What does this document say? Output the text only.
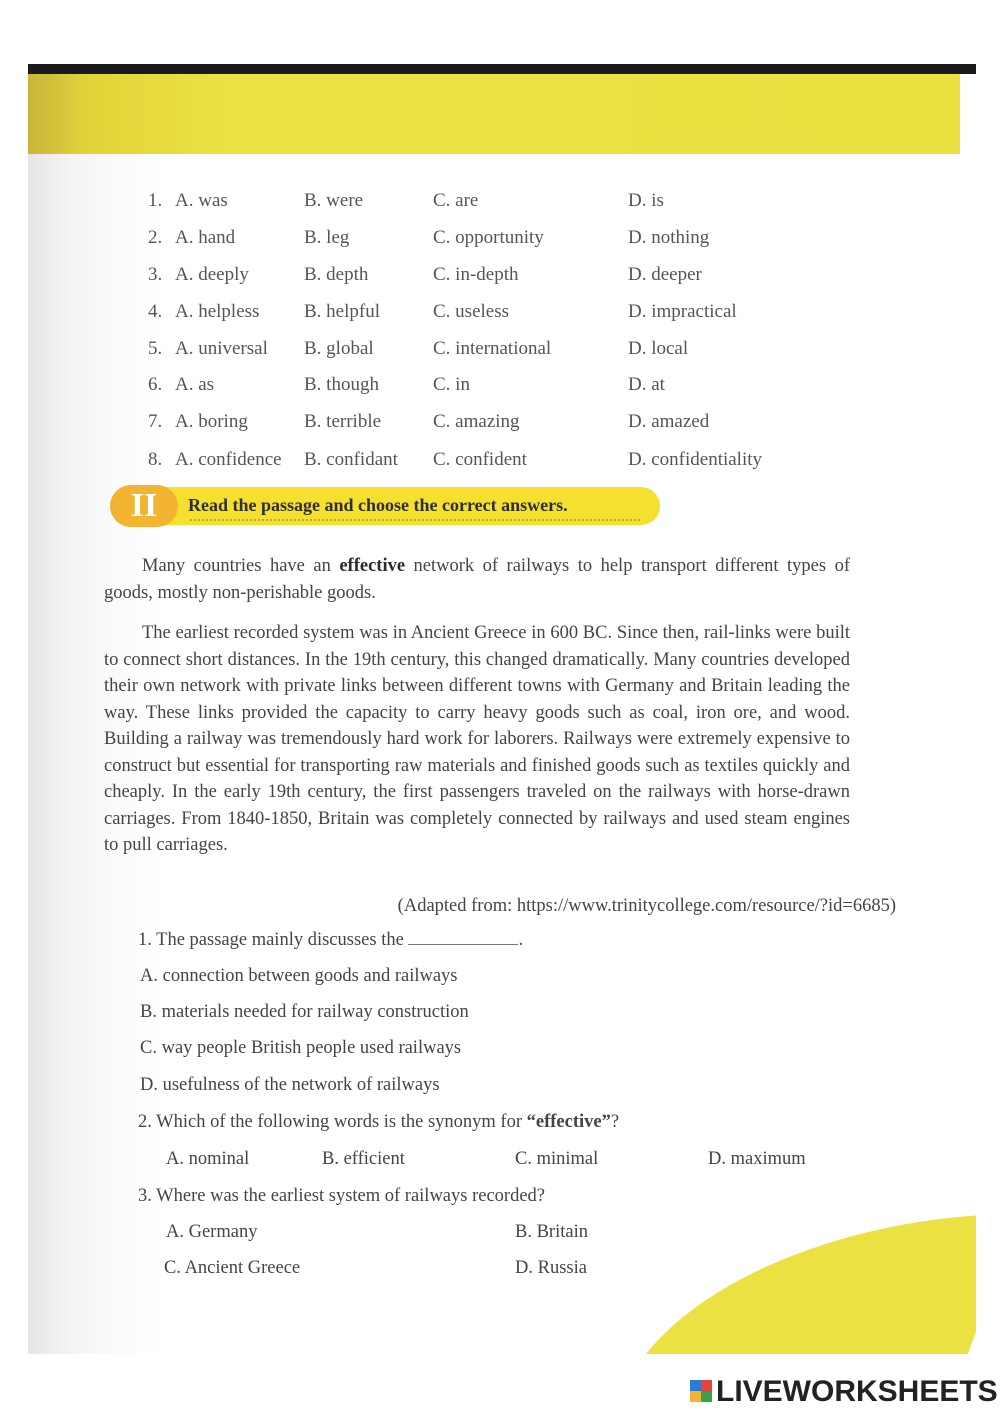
1. A. was	B. were	C. are	D. is
2. A. hand	B. leg	C. opportunity	D. nothing
3. A. deeply	B. depth	C. in-depth	D. deeper
4. A. helpless B. helpful	C. useless	D. impractical
5. A. universal B. global	C. international	D. local
6. A. as	B. though	C. in	D. at
7. A. boring	B. terrible	C. amazing	D. amazed
8. A. confidence B. confidant C. confident	D. confidentiality
II	Read the passage and choose the correct answers.
Many countries have an effective network of railways to help transport different types of goods, mostly non-perishable goods.
The earliest recorded system was in Ancient Greece in 600 BC. Since then, rail-links were built to connect short distances. In the 19th century, this changed dramatically. Many countries developed their own network with private links between different towns with Germany and Britain leading the way. These links provided the capacity to carry heavy goods such as coal, iron ore, and wood. Building a railway was tremendously hard work for laborers. Railways were extremely expensive to construct but essential for transporting raw materials and finished goods such as textiles quickly and cheaply. In the early 19th century, the first passengers traveled on the railways with horse-drawn carriages. From 1840-1850, Britain was completely connected by railways and used steam engines to pull carriages.
(Adapted from: https://www.trinitycollege.com/resource/?id=6685)
1. The passage mainly discusses the	.
A. connection between goods and railways
B. materials needed for railway construction
C. way people British people used railways
D. usefulness of the network of railways
2. Which of the following words is the synonym for “effective”?
A. nominal	B. efficient	C. minimal	D. maximum
3. Where was the earliest system of railways recorded?
A. Germany	B. Britain
C. Ancient Greece	D. Russia
LIVEWORKSHEETS
